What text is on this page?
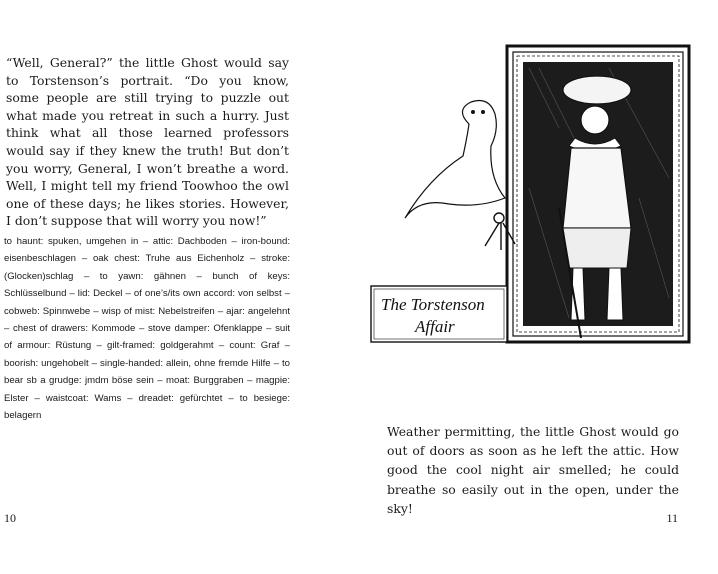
“Well, General?” the little Ghost would say to Torstenson’s portrait. “Do you know, some people are still trying to puzzle out what made you retreat in such a hurry. Just think what all those learned professors would say if they knew the truth! But don’t you worry, General, I won’t breathe a word. Well, I might tell my friend Toowhoo the owl one of these days; he likes stories. However, I don’t suppose that will worry you now!”

to haunt: spuken, umgehen in – attic: Dachboden – iron-bound: eisenbeschlagen – oak chest: Truhe aus Eichenholz – stroke: (Glocken)schlag – to yawn: gähnen – bunch of keys: Schlüsselbund – lid: Deckel – of one’s/its own accord: von selbst – cobweb: Spinnwebe – wisp of mist: Nebelstreifen – ajar: angelehnt – chest of drawers: Kommode – stove damper: Ofenklappe – suit of armour: Rüstung – gilt-framed: goldgerahmt – count: Graf – boorish: ungehobelt – single-handed: allein, ohne fremde Hilfe – to bear sb a grudge: jmdm böse sein – moat: Burggraben – magpie: Elster – waistcoat: Wams – dreadet: gefürchtet – to besiege: belagern

10
The Torstenson
Affair

Weather permitting, the little Ghost would go out of doors as soon as he left the attic. How good the cool night air smelled; he could breathe so easily out in the open, under the sky!

11
